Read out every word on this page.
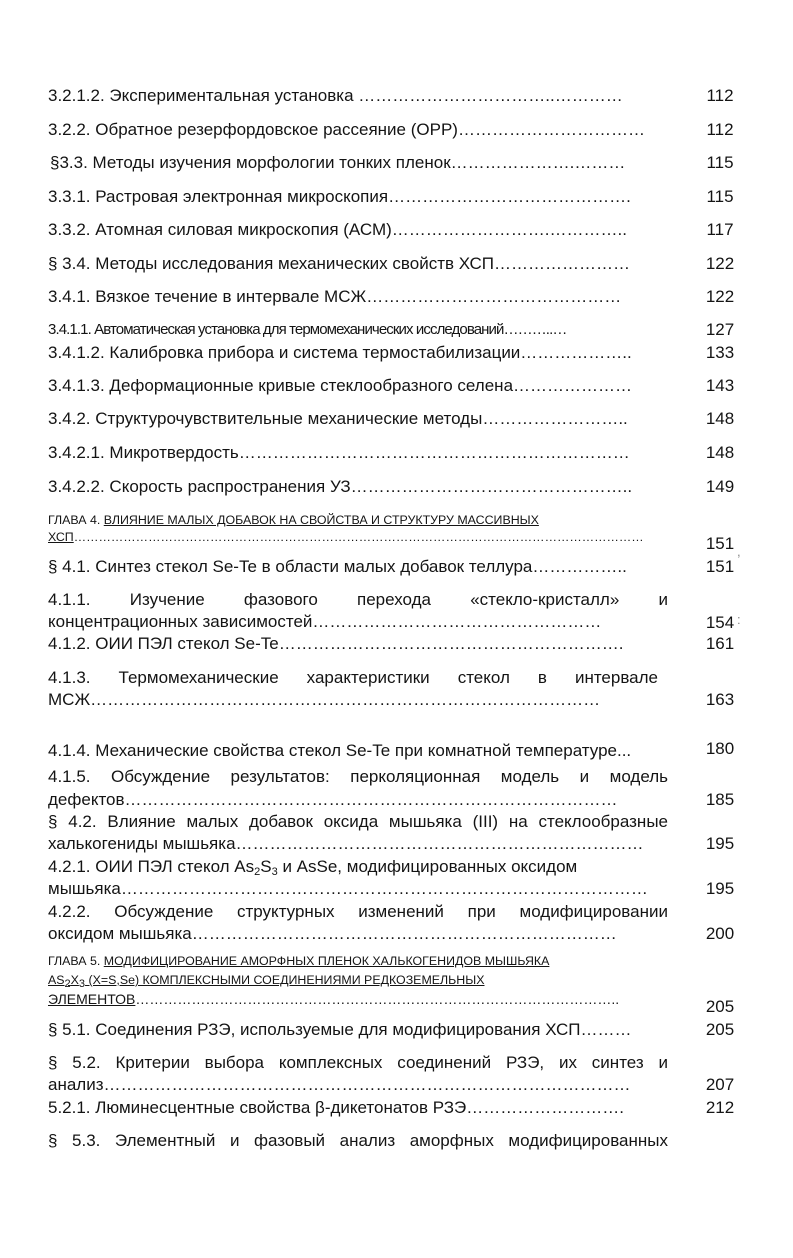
3.2.1.2. Экспериментальная установка ……………………………..…………	112
3.2.2. Обратное резерфордовское рассеяние (ОРР)……………………………	112
§3.3. Методы изучения морфологии тонких пленок………………….………	115
3.3.1. Растровая электронная микроскопия…………………………………….	115
3.3.2. Атомная силовая микроскопия (АСМ)……………………….…………..	117
§ 3.4. Методы исследования механических свойств ХСП……………………	122
3.4.1. Вязкое течение в интервале МСЖ………………………………………	122
3.4.1.1. Автоматическая установка для термомеханических исследований………..…	127
3.4.1.2. Калибровка прибора и система термостабилизации………………..	133
3.4.1.3. Деформационные кривые стеклообразного селена…………………	143
3.4.2. Структурочувствительные механические методы……………………..	148
3.4.2.1. Микротвердость……………………………………………………………	148
3.4.2.2. Скорость распространения УЗ…………………………………………..	149
ГЛАВА 4. ВЛИЯНИЕ МАЛЫХ ДОБАВОК НА СВОЙСТВА И СТРУКТУРУ МАССИВНЫХ
ХСП…………………………………………………………………………………………………………………………	151
§ 4.1. Синтез стекол Se-Te в области малых добавок теллура……………..	151
4.1.1. Изучение фазового перехода «стекло-кристалл» и
концентрационных зависимостей……………………………………………	154
4.1.2. ОИИ ПЭЛ стекол Se-Te…………………………………………………….	161
4.1.3. Термомеханические характеристики стекол в интервале
МСЖ………………………………………………………………………………	163
4.1.4. Механические свойства стекол Se-Te при комнатной температуре...	180
4.1.5. Обсуждение результатов: перколяционная модель и модель
дефектов……………………………………………………………………………	185
§ 4.2. Влияние малых добавок оксида мышьяка (III) на стеклообразные
халькогениды мышьяка………………………………………………………………	195
4.2.1. ОИИ ПЭЛ стекол $As_2S_3$ и AsSe, модифицированных оксидом
мышьяка…………………………………………………………………………………	195
4.2.2. Обсуждение структурных изменений при модифицировании
оксидом мышьяка…………………………………………………………………	200
ГЛАВА 5. МОДИФИЦИРОВАНИЕ АМОРФНЫХ ПЛЕНОК ХАЛЬКОГЕНИДОВ МЫШЬЯКА
$AS_2X_3$ (X=S,Se) КОМПЛЕКСНЫМИ СОЕДИНЕНИЯМИ РЕДКОЗЕМЕЛЬНЫХ
ЭЛЕМЕНТОВ…………………………………………………………………………………………..	205
§ 5.1. Соединения РЗЭ, используемые для модифицирования ХСП………	205
§ 5.2. Критерии выбора комплексных соединений РЗЭ, их синтез и
анализ…………………………………………………………………………………	207
5.2.1. Люминесцентные свойства β-дикетонатов РЗЭ……………………….	212
§ 5.3. Элементный и фазовый анализ аморфных модифицированных
,
:
